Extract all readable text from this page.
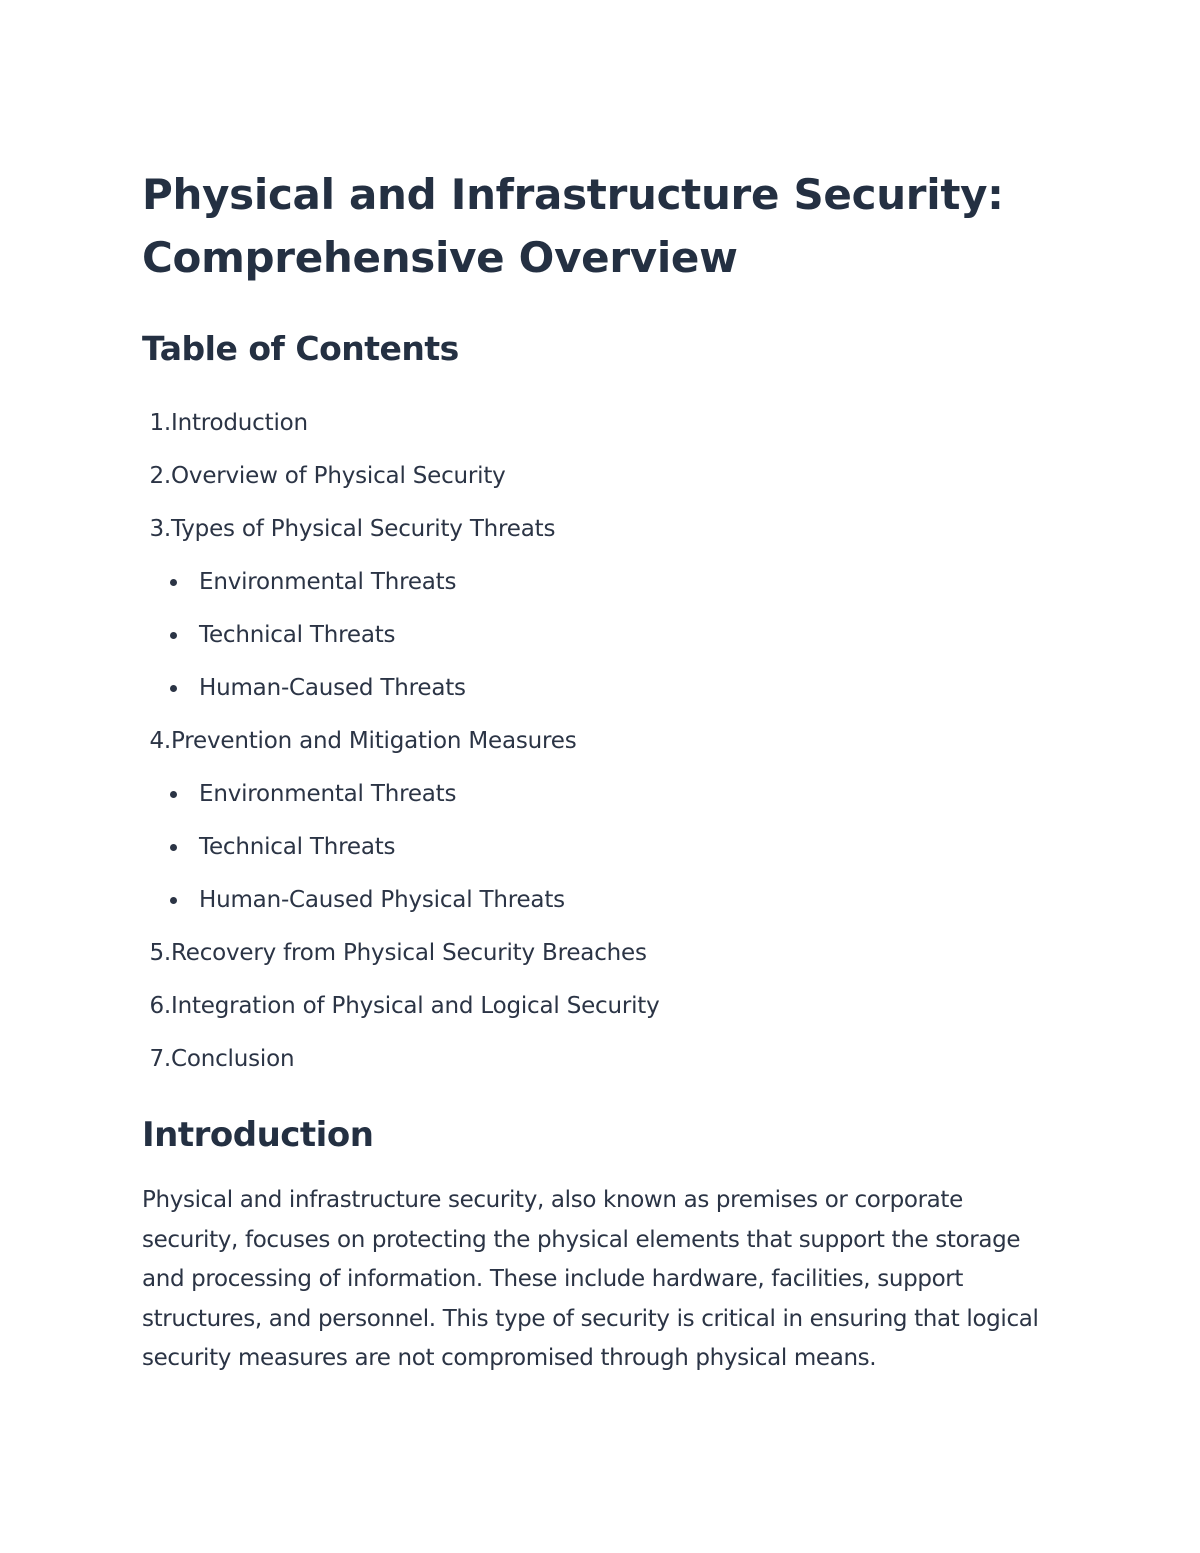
Physical and Infrastructure Security: Comprehensive Overview
Table of Contents
1. Introduction
2. Overview of Physical Security
3. Types of Physical Security Threats
Environmental Threats
Technical Threats
Human-Caused Threats
4. Prevention and Mitigation Measures
Environmental Threats
Technical Threats
Human-Caused Physical Threats
5. Recovery from Physical Security Breaches
6. Integration of Physical and Logical Security
7. Conclusion
Introduction

Physical and infrastructure security, also known as premises or corporate security, focuses on protecting the physical elements that support the storage and processing of information. These include hardware, facilities, support structures, and personnel. This type of security is critical in ensuring that logical security measures are not compromised through physical means.
